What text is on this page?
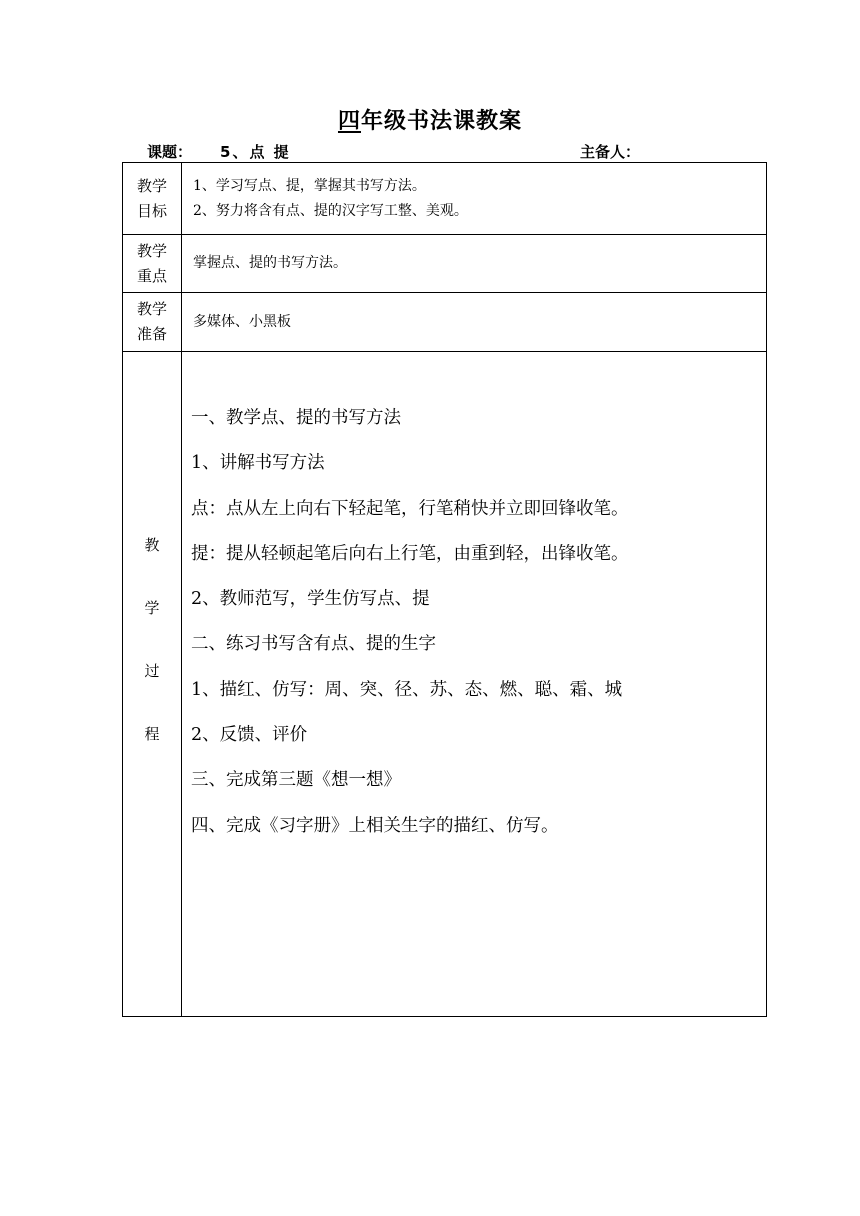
四年级书法课教案
课题： 5、点 提	主备人：
教学
目标
1、学习写点、提，掌握其书写方法。
2、努力将含有点、提的汉字写工整、美观。
教学
重点
掌握点、提的书写方法。
教学
准备
多媒体、小黑板
教
学
过
程
一、教学点、提的书写方法
1、讲解书写方法
点：点从左上向右下轻起笔，行笔稍快并立即回锋收笔。
提：提从轻顿起笔后向右上行笔，由重到轻，出锋收笔。
2、教师范写，学生仿写点、提
二、练习书写含有点、提的生字
1、描红、仿写：周、突、径、苏、态、燃、聪、霜、城
2、反馈、评价
三、完成第三题《想一想》
四、完成《习字册》上相关生字的描红、仿写。
